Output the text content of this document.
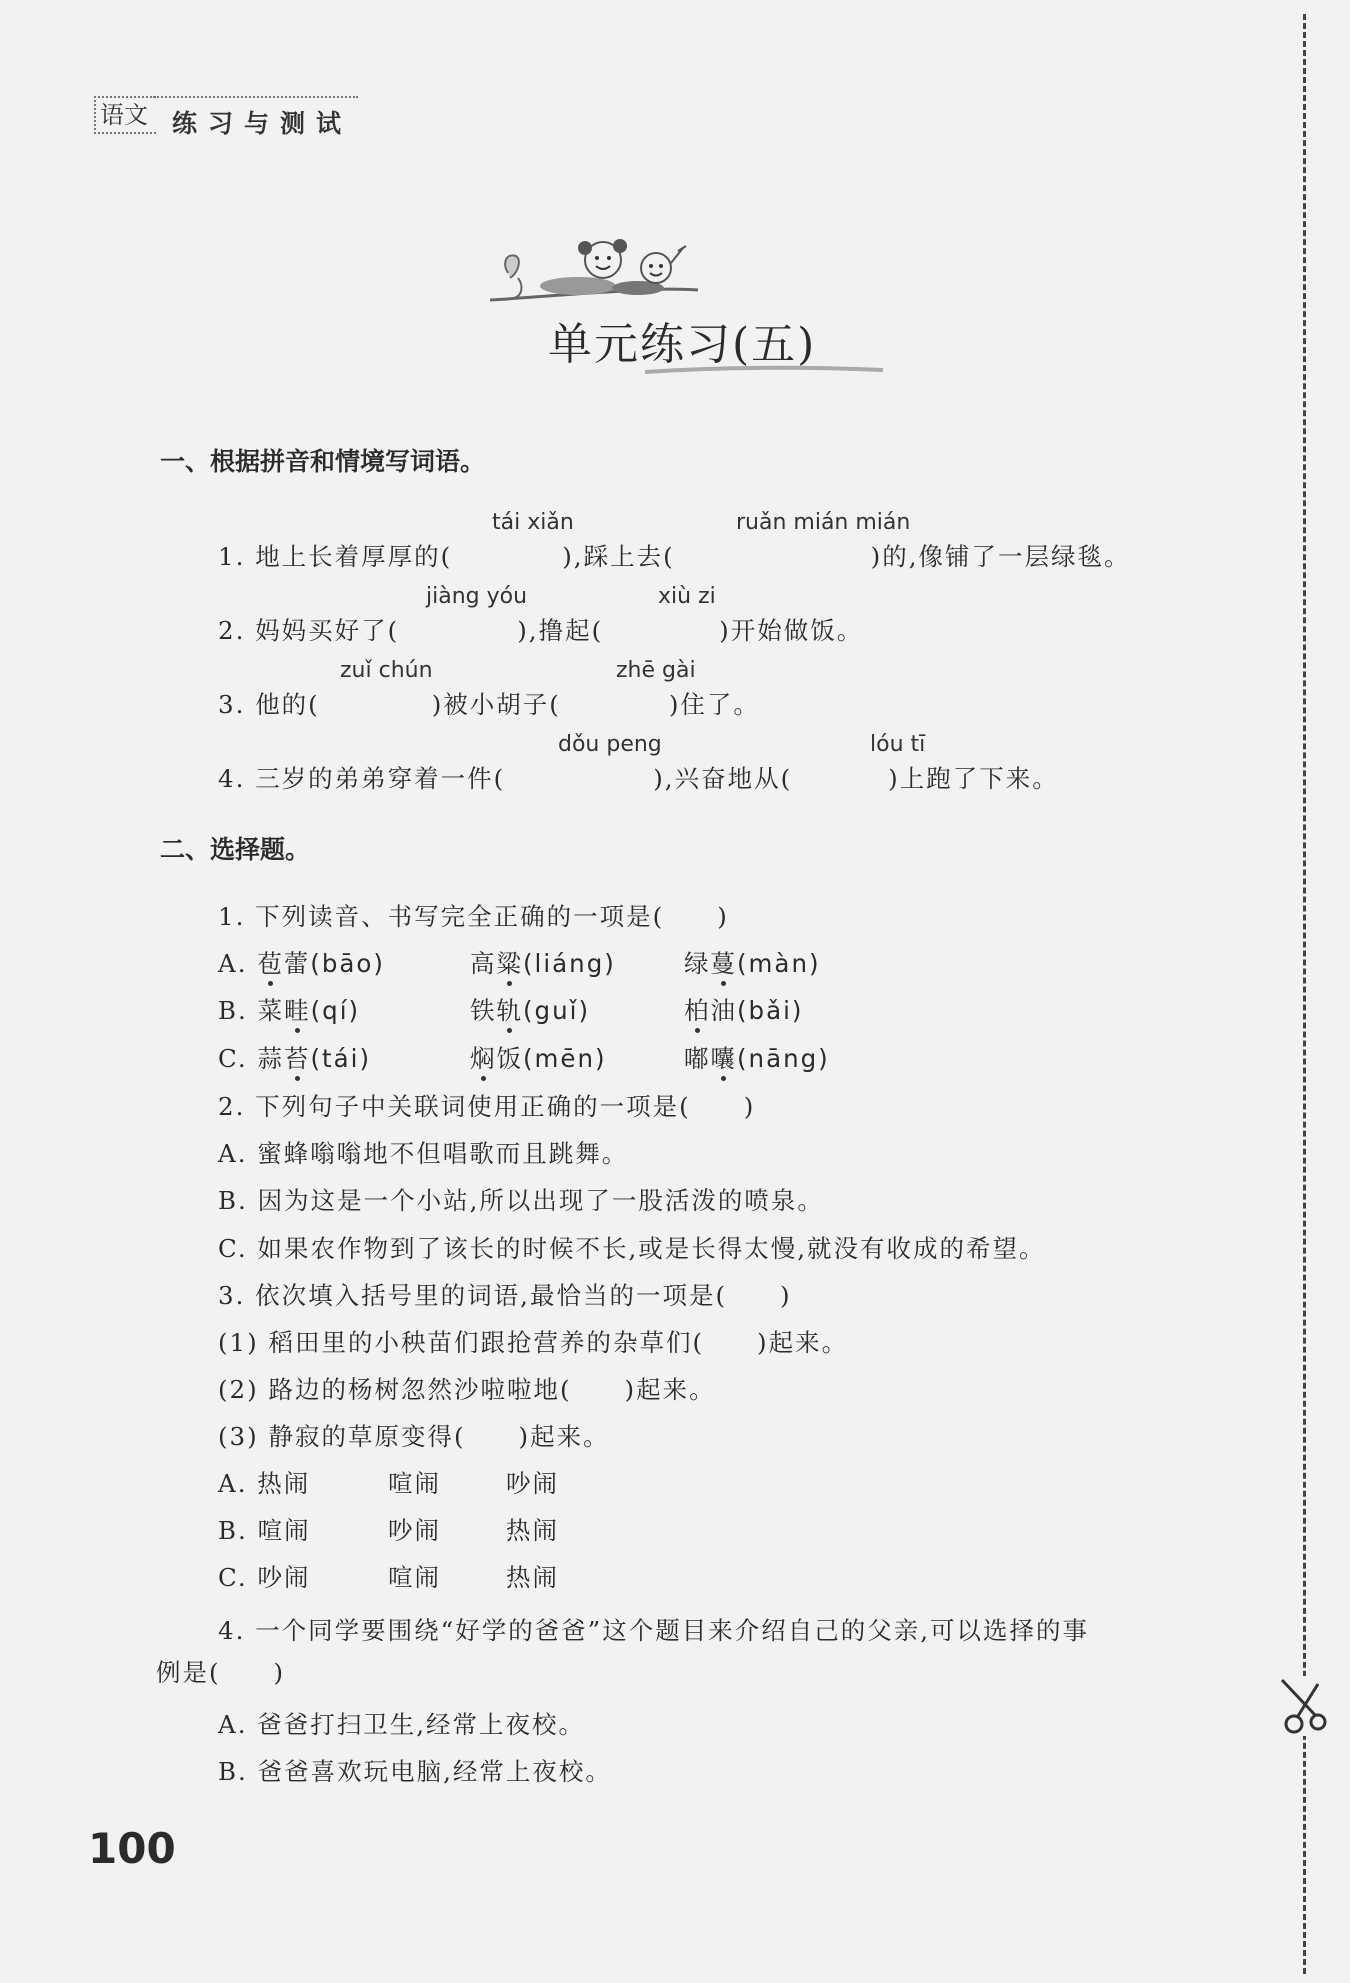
语文 练习与测试
单元练习(五)
一、根据拼音和情境写词语。
tái xiǎn	ruǎn mián mián
1. 地上长着厚厚的(	),踩上去(	)的,像铺了一层绿毯。
jiàng yóu	xiù zi
2. 妈妈买好了(	),撸起(	)开始做饭。
zuǐ chún	zhē gài
3. 他的(	)被小胡子(	)住了。
dǒu peng	lóu tī
4. 三岁的弟弟穿着一件(	),兴奋地从(	)上跑了下来。
二、选择题。
1. 下列读音、书写完全正确的一项是(　　)
A. 苞蕾(bāo)	高粱(liáng)	绿蔓(màn)
B. 菜畦(qí)	铁轨(guǐ)	柏油(bǎi)
C. 蒜苔(tái)	焖饭(mēn)	嘟囔(nāng)
2. 下列句子中关联词使用正确的一项是(　　)
A. 蜜蜂嗡嗡地不但唱歌而且跳舞。
B. 因为这是一个小站,所以出现了一股活泼的喷泉。
C. 如果农作物到了该长的时候不长,或是长得太慢,就没有收成的希望。
3. 依次填入括号里的词语,最恰当的一项是(　　)
(1) 稻田里的小秧苗们跟抢营养的杂草们(　　)起来。
(2) 路边的杨树忽然沙啦啦地(　　)起来。
(3) 静寂的草原变得(　　)起来。
A. 热闹	喧闹	吵闹
B. 喧闹	吵闹	热闹
C. 吵闹	喧闹	热闹
4. 一个同学要围绕“好学的爸爸”这个题目来介绍自己的父亲,可以选择的事
例是(　　)
A. 爸爸打扫卫生,经常上夜校。
B. 爸爸喜欢玩电脑,经常上夜校。
100
